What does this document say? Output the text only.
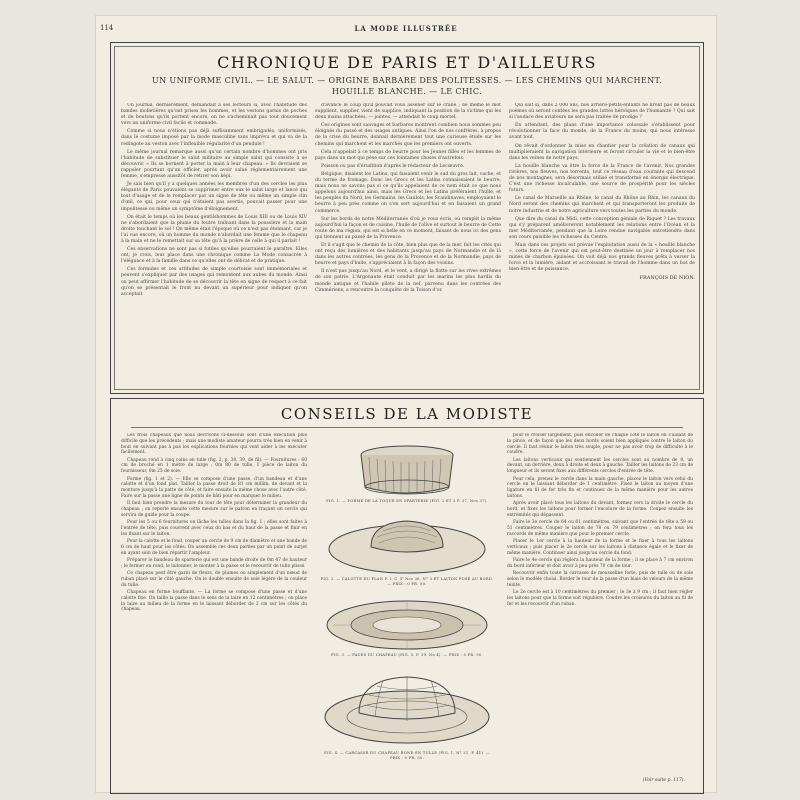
114	LA MODE ILLUSTRÉE
CHRONIQUE DE PARIS ET D'AILLEURS
UN UNIFORME CIVIL. — LE SALUT. — ORIGINE BARBARE DES POLITESSES. — LES CHEMINS QUI MARCHENT. HOUILLE BLANCHE. — LE CHIC.

Un journal, dernièrement, demandait à ses lecteurs si, avec l'habitude des bandes molletières qu'ont prises les hommes, et les vestons garnis de poches et de boutons qu'ils portent encore, on ne s'acheminait pas tout doucement vers un uniforme civil facile et commode.

Comme si nous n'étions pas déjà suffisamment embrigadés, uniformisés, dans le costume imposé par la mode masculine sans imprévu et qui va de la redingote au veston avec l'inflexible régularité d'un pendule !

Le même journal remarque aussi qu'un certain nombre d'hommes ont pris l'habitude de substituer le salut militaire au simple salut qui consiste à se découvrir. « Ils se bornent à porter la main à leur chapeau. » Ils devraient se rappeler pourtant qu'un officier, après avoir salué réglementairement une femme, s'empresse aussitôt de retirer son képi.

Je sais bien qu'il y a quelques années les membres d'un des cercles les plus élégants de Paris pouvaient se supprimer entre eux le salut large et lancé qui tout d'usage et de le remplacer par un signe de tête ou même un simple clin d'œil, ce qui, pour ceux qui n'étaient pas avertis, pouvait passer pour une impolitesse ou même un symptôme d'éloignement.

On était le temps où les beaux gentilshommes de Louis XIII ou de Louis XIV ne s'abordaient que la plume du feutre traînant dans la poussière et la main droite touchant le sol ! On même était l'époque où ce n'est pas étonnant, car je l'ai vue encore, où un homme du monde n'abordait une femme que le chapeau à la main et ne le remettait sur sa tête qu'à la prière de celle à qui il parlait !

Ces observations ne sont pas si futiles qu'elles pourraient le paraître. Elles ont, je crois, leur place dans une chronique comme La Mode consacrée à l'élégance et à la famille dans ce qu'elles ont de délicat et de pratique.

Ces formules et ces attitudes de simple courtoisie sont immémoriales et peuvent s'expliquer par des usages qui remontent aux aubes du monde. Ainsi on peut affirmer l'habitude de se découvrir la tête en signe de respect à ce fait qu'on se présentait le front nu devant un supérieur pour indiquer qu'on acceptait

d'avance le coup qu'il pouvait vous asséner sur le crâne ; de même le mot supplient, supplier, vient de supplice, indiquant la position de la victime qui les deux mains attachées, — jointes, — attendait le coup mortel.

Ces origines sont sauvages et barbares montrent combien nous sommes peu éloignés du passé et des usages antiques. Ainsi l'on de nos confrères, à propos de la crise du beurre, donnait dernièrement tout une curieuse étude sur les chemins qui marchent et les marchés que les premiers ont ouverts.

Cela n'appelait à ce temps de beurre pour les Jeunes filles et les femmes de pays dans un mot qui pèse sur ces lointaines choses d'autrefois.

Poisson ou pas d'érudition d'après le rédacteur de Lecœuvre.

Belgique, disaient les Latins, qui faisaient venir le sud du gros lait, vache, et du terme de fromage. Donc les Grecs et les Latins connaissaient le beurre, mais nous ne savons pas si ce qu'ils appelaient de ce nom était ce que nous appelons aujourd'hui ainsi, mais les Grecs et les Latins préféraient l'huile, et les peuples du Nord, les Germains, les Gaulois, les Scandinaves, employaient le beurre à peu près comme on s'en sert aujourd'hui et en faisaient un grand commerce.

Sur les bords de notre Méditerranée d'où je vous écris, où remplit la même aujourd'hui la façon et de cuisine, l'huile de l'olive et surtout le beurre de Cette route de ma région, qui est si belle en ce moment, faisant de nous ici des gens qui tiennent au passé de la Provence.

Et il s'agit que le chemin de la côte, bien plus que de la mer, fait les cités qui ont reçu des lumières et des habitants jusqu'au pays de Normandie et de là dans les autres contrées, les gens de la Provence et de la Normandie, pays de beurre et pays d'huile, s'appréciaient à la façon des voisins.

Il n'est pas jusqu'au Nord, et le vent, a dirigé la flotte sur les rives extrêmes de son patrie. L'Argonaute était conduit par les marins les plus hardis du monde antique et l'habile pilote de la nef, parvenu dans les contrées des Cimmériens, a rencontré la conquête de la Toison d'or.

Qui sait si, dans 2 000 ans, nos arrière-petits-enfants ne liront pas de beaux poèmes où seront contées les grandes luttes héroïques de l'humanité ? Qui sait si l'audace des aviateurs ne sera pas traitée de prodige ?

En attendant, des plans d'une importance colossale s'établissent pour révolutionner la face du monde, de la France du moins, qui nous intéresse avant tout.

On rêvait d'ordonner la mise en chantier pour la création de canaux qui multiplieraient la navigation intérieure et feront circuler la vie et le bien-être dans les veines de notre pays.

La houille blanche va être la force de la France de l'avenir. Nos grandes rivières, nos fleuves, nos torrents, tout ce réseau d'eau courante qui descend de nos montagnes, sera désormais utilisé et transformé en énergie électrique. C'est une richesse incalculable, une source de prospérité pour les siècles futurs.

Le canal de Marseille au Rhône, le canal du Rhône au Rhin, les canaux du Nord seront des chemins qui marchent et qui transporteront les produits de notre industrie et de notre agriculture vers toutes les parties du monde.

Que dire du canal du Midi, cette conception géniale de Riquet ? Les travaux qui s'y préparent amélioreront notablement les relations entre l'Océan et la mer Méditerranée, pendant que la Loire rendue navigable entretiendra dans son cours paisible les richesses du Centre.

Mais dans ces projets est prévue l'exploitation aussi de la « houille blanche », cette force de l'avenir qui est peut-être destinée un jour à remplacer nos mines de charbon épuisées. On voit déjà nos grands fleuves prêts à verser la force et la lumière, aidant et accroissant le travail de l'homme dans un but de bien-être et de puissance.

FRANÇOIS DE NION.
CONSEILS DE LA MODISTE

Les trois chapeaux que nous décrivons ci-dessous sont d'une exécution plus difficile que les précédents ; mais une modiste amateur pourra très bien en venir à bout en suivant pas à pas les explications fournies qui vont aider à les exécuter facilement.

Chapeau rond à cinq coins en tulle (fig. 2, p. 38, 39, de fil). — Fournitures : 60 cm de broché en 1 mètre de large ; 0m 80 de tulle, 1 pièce de laiton du fournisseur, 0m 25 de soie.

Forme (fig. 1 et 2). — Elle se compose d'une passe, d'un bandeau et d'une calotte et d'un fond plat. Tailler la passe droit de 81 cm millim. de devant et la monture jusqu'à la patte de côté, et faire ensuite la même chose avec l'autre côté. Faire sur la passe une ligne de points de bâti pour en marquer le milieu.

Il faut bien prendre la mesure du tour de tête pour déterminer la grandeur du chapeau ; on reporte ensuite cette mesure sur le patron en traçant un cercle qui servira de guide pour la coupe.

Pour les 5 ou 6 fournitures on lâche les tulles dans la fig. 1 ; elles sont faites à l'entrée de tête, puis couvrent avec ceux du bas et du haut de la passe et finir en les fixant sur le laiton.

Pour la calotte et le fond, couper un cercle de 9 cm de diamètre et une bande de 6 cm de haut pour les côtés. On assemble ces deux parties par un point de surjet en ayant soin de bien répartir l'ampleur.

Préparer le bandeau de sparterie qui est une bande droite de 0m 47 de hauteur ; le fermer en rond, le laitonner, le monter à la passe et le recouvrir de tulle plissé.

Ce chapeau peut être garni de fleurs, de plumes ou simplement d'un nœud de ruban placé sur le côté gauche. On le double ensuite de soie légère de la couleur du tulle.

Chapeau en forme bouffante. — La forme se compose d'une passe et d'une calotte fixe. On taille la passe dans le sens de la laize en 12 centimètres ; on place la laize au milieu de la forme en le laissant déborder de 2 cm sur les côtés du chapeau.

FIG. 1. — FORME DE LA TOQUE EN SPARTERIE (FIG. 2 ET 3 P. 37, Nos 37).
FIG. 2. — CALOTTE DU PLAN F. I. C. P. Nos 36, N° 3 ET LAITON POSÉ AU BORD. — PRIX : 0 FR. 50.
FIG. 3. — FACES DU CHAPEAU (FIG. 5, P. 39, No 4). — PRIX : 0 FR. 50.
FIG. 4. — CARCASSE DU CHAPEAU ROND EN TULLE (FIG. 1, N° 21, P. 41). — PRIX : 0 FR. 50.

pour le croiser largement, puis encoller de chaque côté le laiton en s'aidant de la pince, et de façon que les deux bords soient bien appliqués contre le laiton du cercle. Il faut réunir le laiton très souple, pour ne pas avoir trop de difficulté à le coudre.

Les laitons verticaux qui soutiennent les cercles sont au nombre de 8, un devant, un derrière, deux à droite et deux à gauche. Tailler les laitons de 23 cm de longueur et ils seront fixés aux différents cercles d'entrée de tête.

Pour cela, prenez le cercle dans la main gauche, placez le laiton vers celui du cercle en le laissant déborder de 1 centimètre. Fixez le laiton au moyen d'une ligature en fil de fer très fin et continuez de la même manière pour les autres laitons.

Après avoir placé tous les laitons du devant, formez vers la droite le cercle du bord, et fixez les laitons pour former l'encolure de la forme. Coupez ensuite les extrémités qui dépassent.

Faire le 3e cercle de 64 ou 61 centimètres, suivant que l'entrée de tête a 59 ou 51 centimètres. Couper le laiton de 78 ou 79 centimètres ; on fera tous les raccords de même manière que pour le premier cercle.

Placer le 1er cercle à la hauteur de la forme et le fixer à tous les laitons verticaux ; puis placer le 2e cercle sur les laitons à distance égale et le fixer de même manière. Continuer ainsi jusqu'au cercle du fond.

Faire le 4e cercle qui règlera la hauteur de la forme ; il se place à 7 cm environ du bord inférieur et doit avoir à peu près 70 cm de tour.

Recouvrir enfin toute la carcasse de mousseline forte, puis de tulle ou de soie selon le modèle choisi. Border le tour de la passe d'un biais de velours de la même teinte.

Le 2e cercle est à 10 centimètres du premier ; le 3e à 9 cm ; il faut bien régler les laitons pour que la forme soit régulière. Coudre les croisures du laiton au fil de fer et les recouvrir d'un ruban.

(Voir suite p. 117).
